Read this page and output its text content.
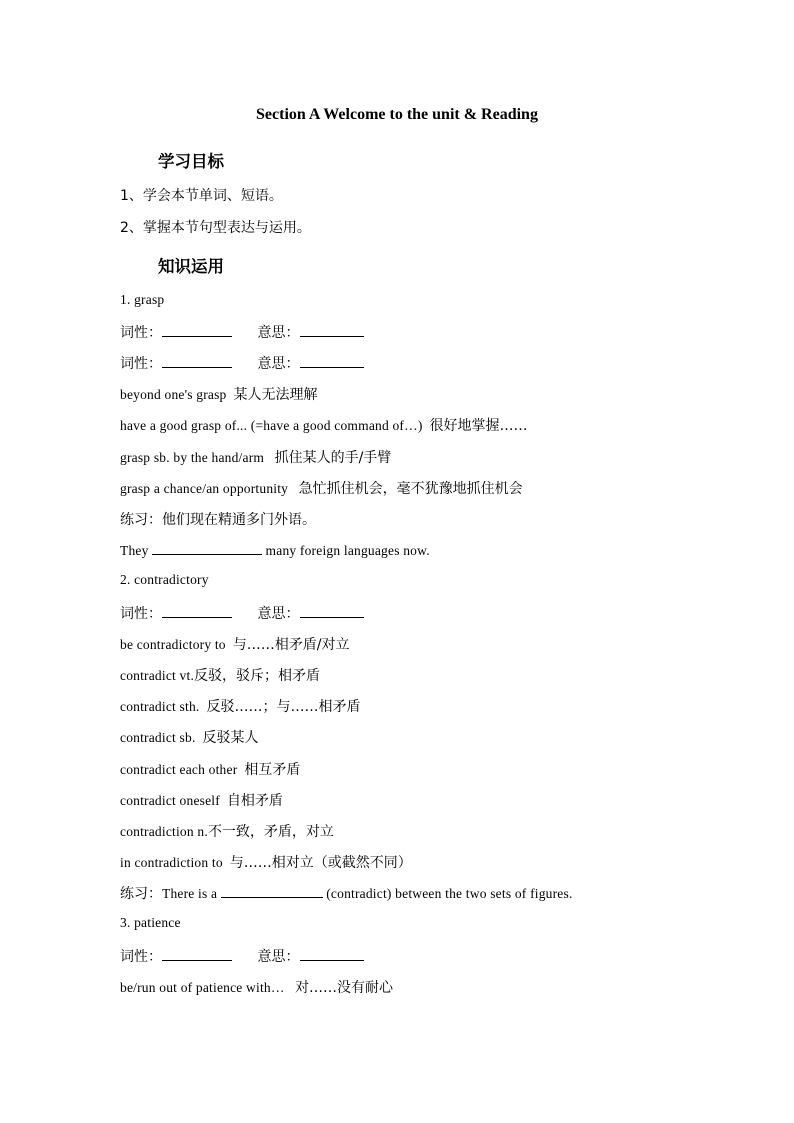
Section A Welcome to the unit & Reading
学习目标
1、学会本节单词、短语。
2、掌握本节句型表达与运用。
知识运用
1. grasp
词性：	意思：
词性：	意思：
beyond one's grasp 某人无法理解
have a good grasp of... (=have a good command of…) 很好地掌握……
grasp sb. by the hand/arm 抓住某人的手/手臂
grasp a chance/an opportunity 急忙抓住机会，毫不犹豫地抓住机会
练习：他们现在精通多门外语。
They	many foreign languages now.
2. contradictory
词性：	意思：
be contradictory to 与……相矛盾/对立
contradict vt.反驳，驳斥；相矛盾
contradict sth. 反驳……；与……相矛盾
contradict sb. 反驳某人
contradict each other 相互矛盾
contradict oneself 自相矛盾
contradiction n.不一致，矛盾，对立
in contradiction to 与……相对立（或截然不同）
练习：There is a	(contradict) between the two sets of figures.
3. patience
词性：	意思：
be/run out of patience with… 对……没有耐心
